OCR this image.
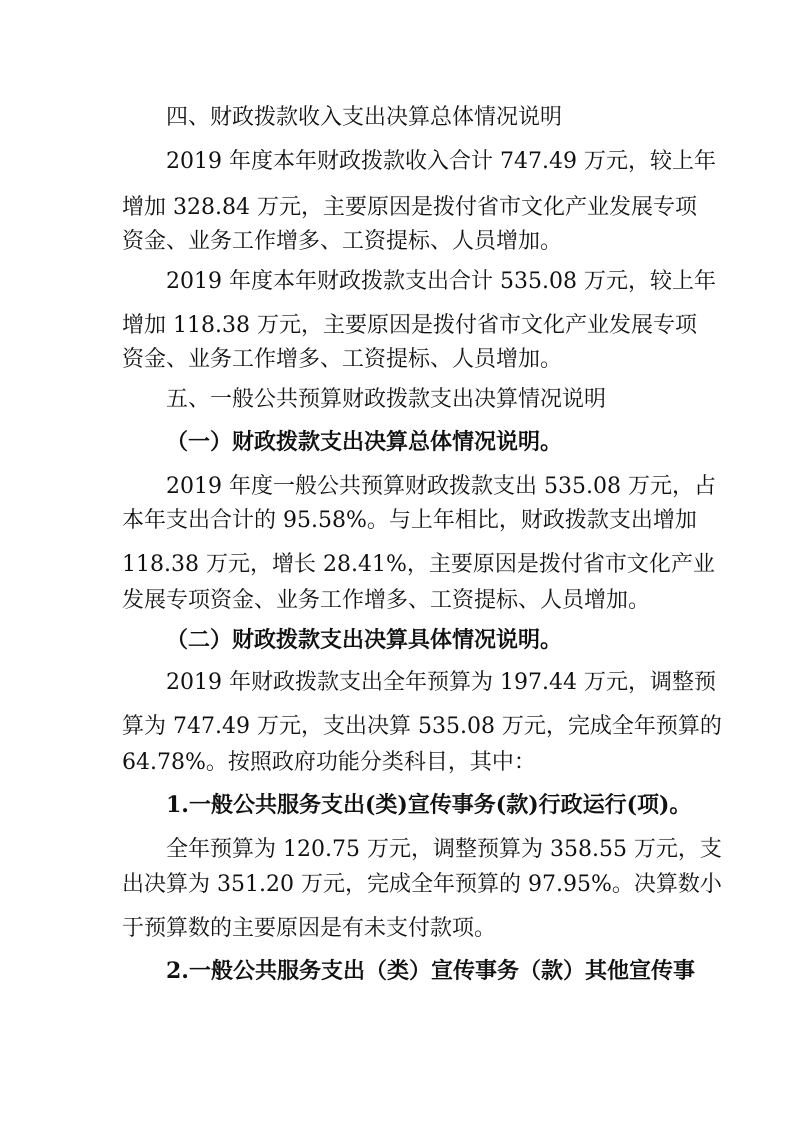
四、财政拨款收入支出决算总体情况说明
2019 年度本年财政拨款收入合计 747.49 万元，较上年
增加 328.84 万元，主要原因是拨付省市文化产业发展专项
资金、业务工作增多、工资提标、人员增加。
2019 年度本年财政拨款支出合计 535.08 万元，较上年
增加 118.38 万元，主要原因是拨付省市文化产业发展专项
资金、业务工作增多、工资提标、人员增加。
五、一般公共预算财政拨款支出决算情况说明
（一）财政拨款支出决算总体情况说明。
2019 年度一般公共预算财政拨款支出 535.08 万元，占
本年支出合计的 95.58%。与上年相比，财政拨款支出增加
118.38 万元，增长 28.41%，主要原因是拨付省市文化产业
发展专项资金、业务工作增多、工资提标、人员增加。
（二）财政拨款支出决算具体情况说明。
2019 年财政拨款支出全年预算为 197.44 万元，调整预
算为 747.49 万元，支出决算 535.08 万元，完成全年预算的
64.78%。按照政府功能分类科目，其中：
1.一般公共服务支出(类)宣传事务(款)行政运行(项)。
全年预算为 120.75 万元，调整预算为 358.55 万元，支
出决算为 351.20 万元，完成全年预算的 97.95%。决算数小
于预算数的主要原因是有未支付款项。
2.一般公共服务支出（类）宣传事务（款）其他宣传事
